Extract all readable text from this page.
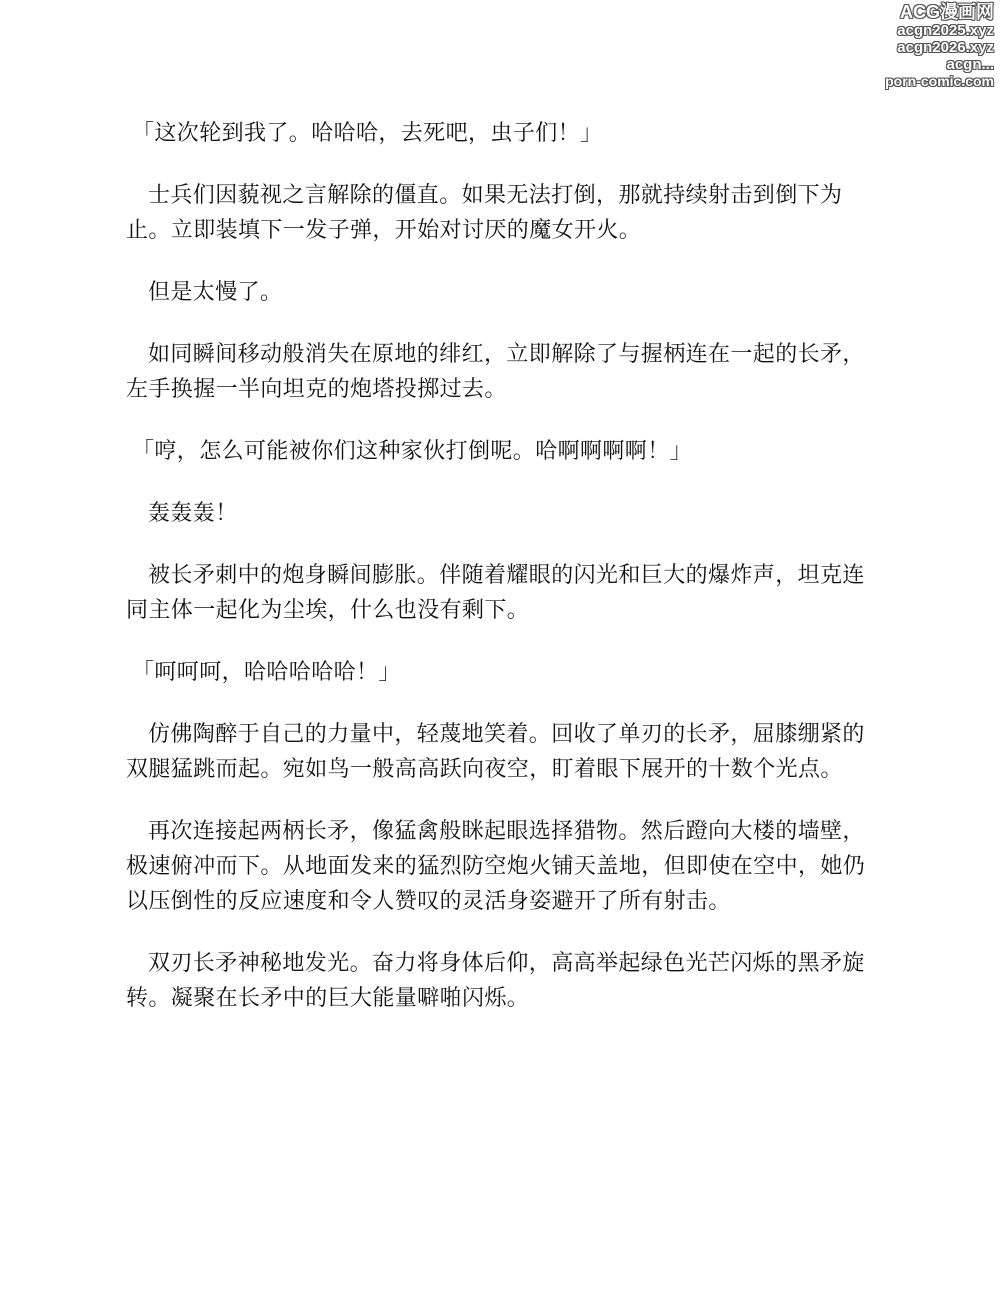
ACG漫画网
acgn2025.xyz
acgn2026.xyz
acgn...
porn-comic.com

「这次轮到我了。哈哈哈，去死吧，虫子们！」

士兵们因藐视之言解除的僵直。如果无法打倒，那就持续射击到倒下为止。立即装填下一发子弹，开始对讨厌的魔女开火。

但是太慢了。

如同瞬间移动般消失在原地的绯红，立即解除了与握柄连在一起的长矛，左手换握一半向坦克的炮塔投掷过去。

「哼，怎么可能被你们这种家伙打倒呢。哈啊啊啊啊！」

轰轰轰！

被长矛刺中的炮身瞬间膨胀。伴随着耀眼的闪光和巨大的爆炸声，坦克连同主体一起化为尘埃，什么也没有剩下。

「呵呵呵，哈哈哈哈哈！」

仿佛陶醉于自己的力量中，轻蔑地笑着。回收了单刃的长矛，屈膝绷紧的双腿猛跳而起。宛如鸟一般高高跃向夜空，盯着眼下展开的十数个光点。

再次连接起两柄长矛，像猛禽般眯起眼选择猎物。然后蹬向大楼的墙壁，极速俯冲而下。从地面发来的猛烈防空炮火铺天盖地，但即使在空中，她仍以压倒性的反应速度和令人赞叹的灵活身姿避开了所有射击。

双刃长矛神秘地发光。奋力将身体后仰，高高举起绿色光芒闪烁的黑矛旋转。凝聚在长矛中的巨大能量噼啪闪烁。
